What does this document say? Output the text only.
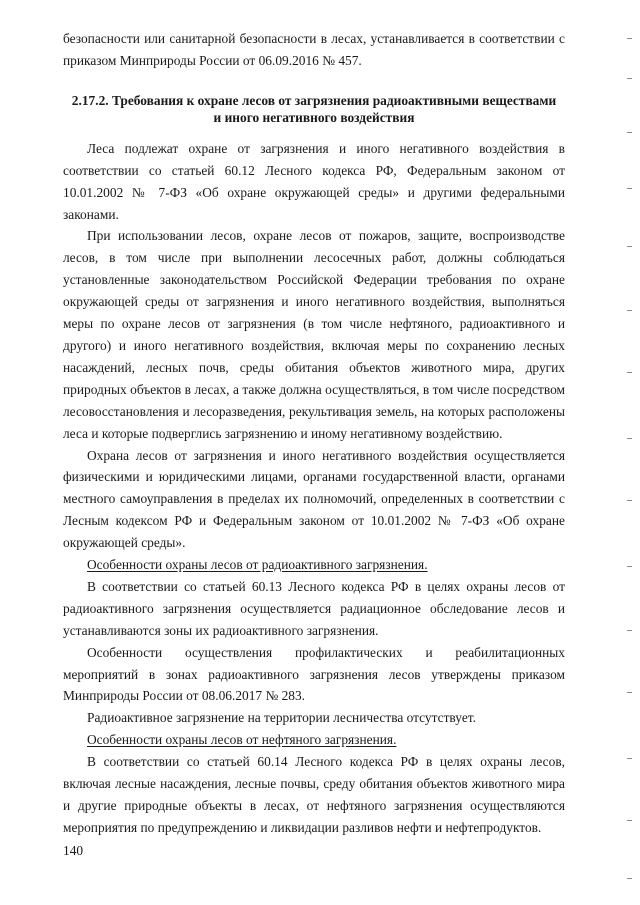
безопасности или санитарной безопасности в лесах, устанавливается в соответствии с приказом Минприроды России от 06.09.2016 № 457.

2.17.2. Требования к охране лесов от загрязнения радиоактивными веществами
и иного негативного воздействия

Леса подлежат охране от загрязнения и иного негативного воздействия в соответствии со статьей 60.12 Лесного кодекса РФ, Федеральным законом от 10.01.2002 № 7-ФЗ «Об охране окружающей среды» и другими федеральными законами.

При использовании лесов, охране лесов от пожаров, защите, воспроизводстве лесов, в том числе при выполнении лесосечных работ, должны соблюдаться установленные законодательством Российской Федерации требования по охране окружающей среды от загрязнения и иного негативного воздействия, выполняться меры по охране лесов от загрязнения (в том числе нефтяного, радиоактивного и другого) и иного негативного воздействия, включая меры по сохранению лесных насаждений, лесных почв, среды обитания объектов животного мира, других природных объектов в лесах, а также должна осуществляться, в том числе посредством лесовосстановления и лесоразведения, рекультивация земель, на которых расположены леса и которые подверглись загрязнению и иному негативному воздействию.

Охрана лесов от загрязнения и иного негативного воздействия осуществляется физическими и юридическими лицами, органами государственной власти, органами местного самоуправления в пределах их полномочий, определенных в соответствии с Лесным кодексом РФ и Федеральным законом от 10.01.2002 № 7-ФЗ «Об охране окружающей среды».

Особенности охраны лесов от радиоактивного загрязнения.

В соответствии со статьей 60.13 Лесного кодекса РФ в целях охраны лесов от радиоактивного загрязнения осуществляется радиационное обследование лесов и устанавливаются зоны их радиоактивного загрязнения.

Особенности осуществления профилактических и реабилитационных мероприятий в зонах радиоактивного загрязнения лесов утверждены приказом Минприроды России от 08.06.2017 № 283.

Радиоактивное загрязнение на территории лесничества отсутствует.

Особенности охраны лесов от нефтяного загрязнения.

В соответствии со статьей 60.14 Лесного кодекса РФ в целях охраны лесов, включая лесные насаждения, лесные почвы, среду обитания объектов животного мира и другие природные объекты в лесах, от нефтяного загрязнения осуществляются мероприятия по предупреждению и ликвидации разливов нефти и нефтепродуктов.

140
